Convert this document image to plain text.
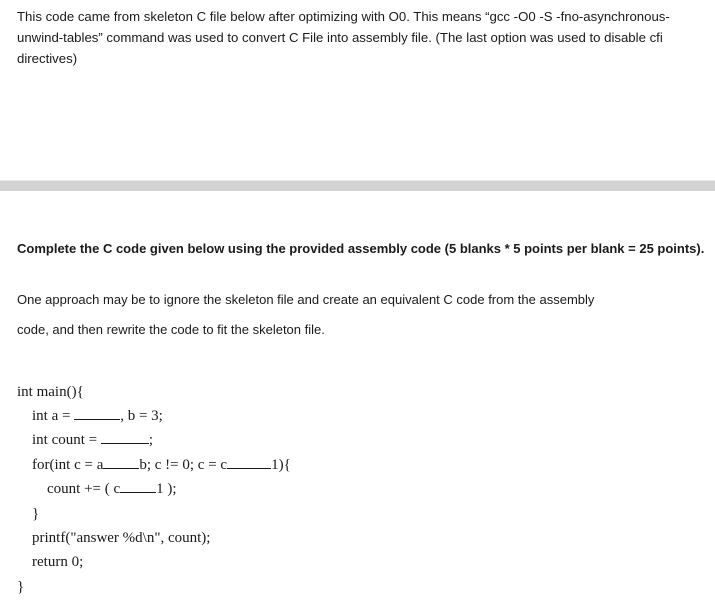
This code came from skeleton C file below after optimizing with O0. This means “gcc -O0 -S -fno-asynchronous-unwind-tables” command was used to convert C File into assembly file. (The last option was used to disable cfi directives)
Complete the C code given below using the provided assembly code (5 blanks * 5 points per blank = 25 points).
One approach may be to ignore the skeleton file and create an equivalent C code from the assembly
code, and then rewrite the code to fit the skeleton file.
int main(){
int a =	, b = 3;
int count =	;
for(int c = a b; c != 0; c = c	1){
count += ( c 1 );
}
printf("answer %d\n", count);
return 0;
}
